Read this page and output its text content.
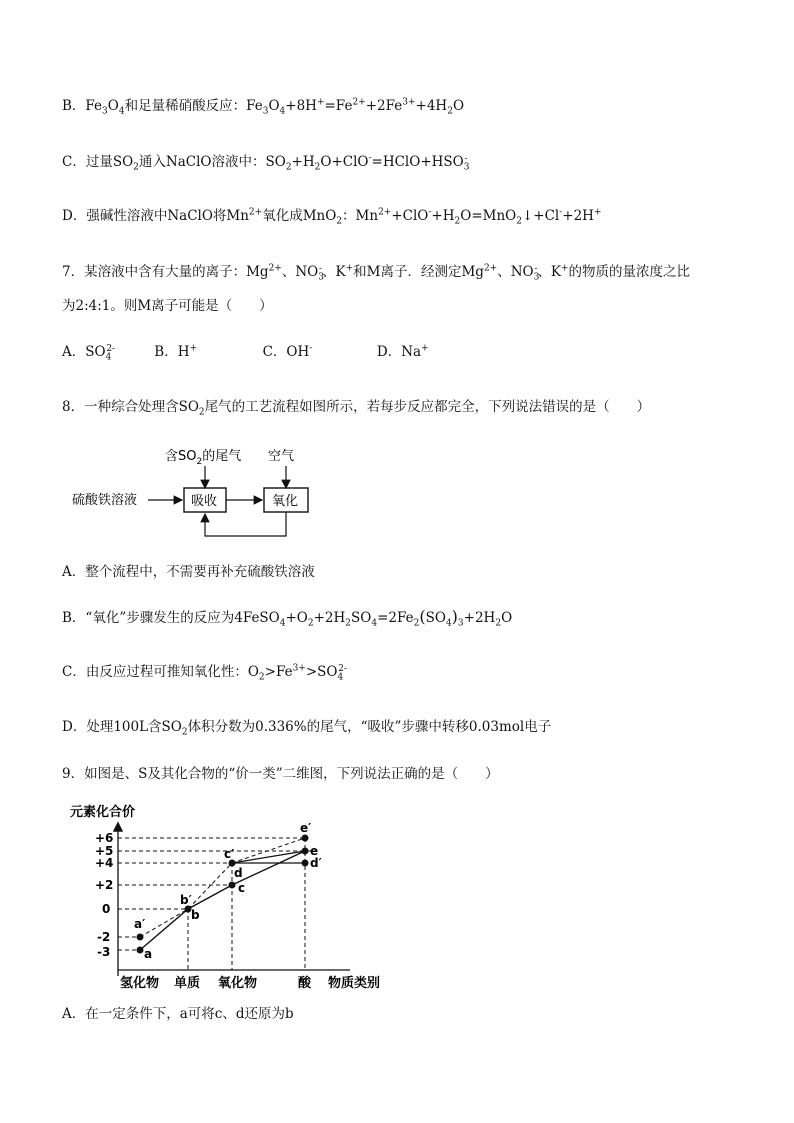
B．$Fe_3O_4$和足量稀硝酸反应：$Fe_3O_4+8H^+=Fe^{2+}+2Fe^{3+}+4H_2O$
C．过量$SO_2$通入NaClO溶液中：$SO_2+H_2O+ClO^-=HClO+HSO_3^-$
D．强碱性溶液中NaClO将$Mn^{2+}$氧化成MnO$_2$：$Mn^{2+}+ClO^-+H_2O=MnO_2↓+Cl^-+2H^+$
7．某溶液中含有大量的离子：$Mg^{2+}$、$NO_3^-$、K+和M离子．经测定$Mg^{2+}$、$NO_3^-$、K+的物质的量浓度之比
为2:4:1。则M离子可能是（　　）
A．$SO_4^{2-}$	B．H+	C．OH-	D．Na+
8．一种综合处理含$SO_2$尾气的工艺流程如图所示，若每步反应都完全，下列说法错误的是（　　）
含$SO_2$的尾气 空气
硫酸铁溶液	吸收	氧化
A．整个流程中，不需要再补充硫酸铁溶液
B．“氧化”步骤发生的反应为$4FeSO_4+O_2+2H_2SO_4=2Fe_2(SO_4)_3+2H_2O$
C．由反应过程可推知氧化性：$O_2>Fe^{3+}>SO_4^{2-}$
D．处理100L含$SO_2$体积分数为0.336%的尾气，“吸收”步骤中转移0.03mol电子
9．如图是、S及其化合物的“价一类”二维图，下列说法正确的是（　　）
元素化合价
+6
+5
+4
+2
0
-2
-3	a
a′
b
b′
c
c′
d
d′
e
e′
氢化物 单质 氧化物	酸 物质类别
A．在一定条件下，a可将c、d还原为b
